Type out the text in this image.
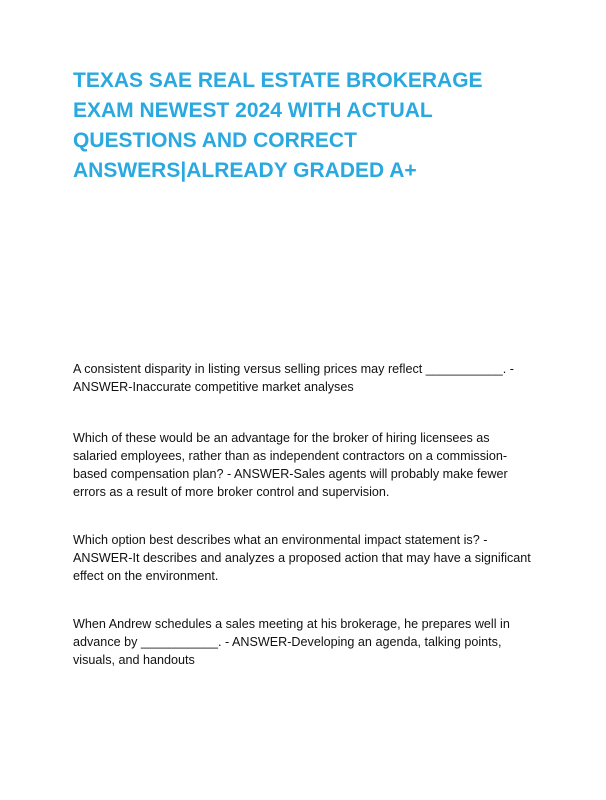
TEXAS SAE REAL ESTATE BROKERAGE EXAM NEWEST 2024 WITH ACTUAL QUESTIONS AND CORRECT ANSWERS|ALREADY GRADED A+

A consistent disparity in listing versus selling prices may reflect ___________. - ANSWER-Inaccurate competitive market analyses

Which of these would be an advantage for the broker of hiring licensees as salaried employees, rather than as independent contractors on a commission-based compensation plan? - ANSWER-Sales agents will probably make fewer errors as a result of more broker control and supervision.

Which option best describes what an environmental impact statement is? - ANSWER-It describes and analyzes a proposed action that may have a significant effect on the environment.

When Andrew schedules a sales meeting at his brokerage, he prepares well in advance by ___________. - ANSWER-Developing an agenda, talking points, visuals, and handouts
